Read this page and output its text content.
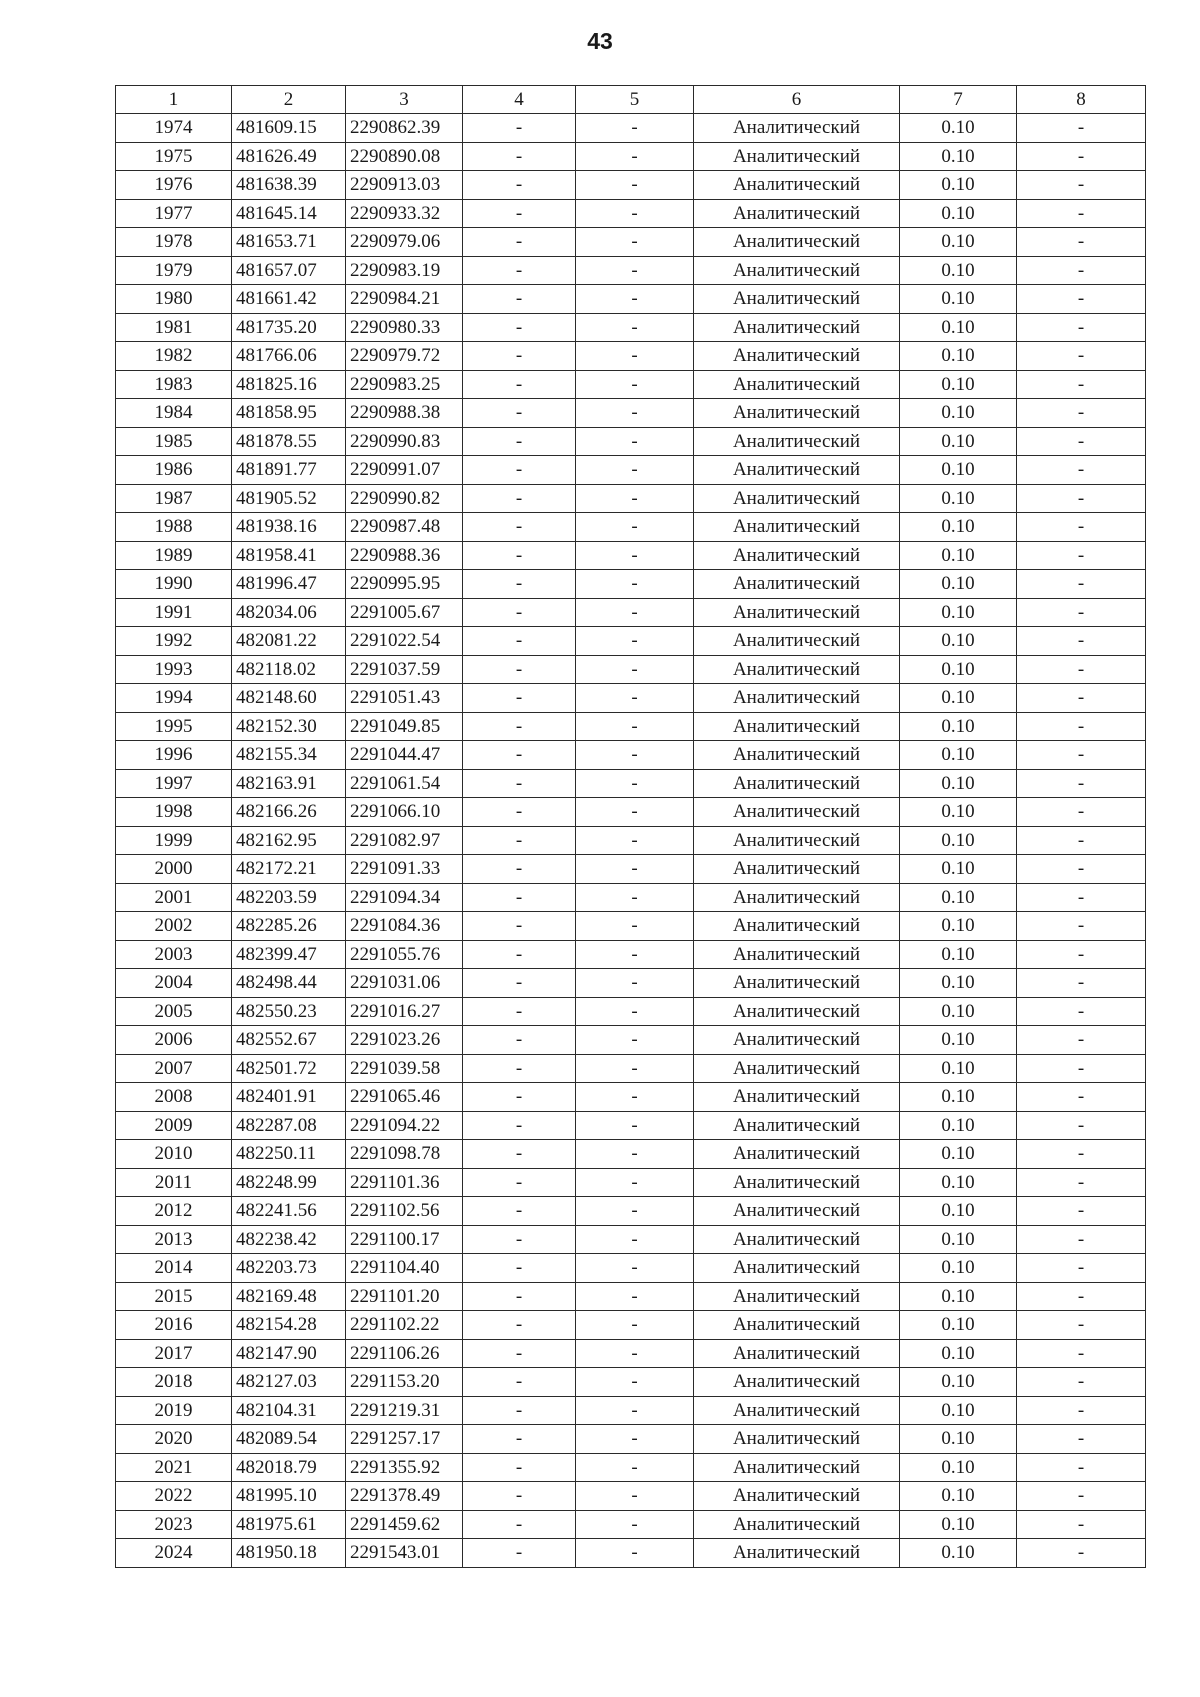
43
1	2	3	4	5	6	7	8
1974	481609.15	2290862.39	-	-	Аналитический	0.10	-
1975	481626.49	2290890.08	-	-	Аналитический	0.10	-
1976	481638.39	2290913.03	-	-	Аналитический	0.10	-
1977	481645.14	2290933.32	-	-	Аналитический	0.10	-
1978	481653.71	2290979.06	-	-	Аналитический	0.10	-
1979	481657.07	2290983.19	-	-	Аналитический	0.10	-
1980	481661.42	2290984.21	-	-	Аналитический	0.10	-
1981	481735.20	2290980.33	-	-	Аналитический	0.10	-
1982	481766.06	2290979.72	-	-	Аналитический	0.10	-
1983	481825.16	2290983.25	-	-	Аналитический	0.10	-
1984	481858.95	2290988.38	-	-	Аналитический	0.10	-
1985	481878.55	2290990.83	-	-	Аналитический	0.10	-
1986	481891.77	2290991.07	-	-	Аналитический	0.10	-
1987	481905.52	2290990.82	-	-	Аналитический	0.10	-
1988	481938.16	2290987.48	-	-	Аналитический	0.10	-
1989	481958.41	2290988.36	-	-	Аналитический	0.10	-
1990	481996.47	2290995.95	-	-	Аналитический	0.10	-
1991	482034.06	2291005.67	-	-	Аналитический	0.10	-
1992	482081.22	2291022.54	-	-	Аналитический	0.10	-
1993	482118.02	2291037.59	-	-	Аналитический	0.10	-
1994	482148.60	2291051.43	-	-	Аналитический	0.10	-
1995	482152.30	2291049.85	-	-	Аналитический	0.10	-
1996	482155.34	2291044.47	-	-	Аналитический	0.10	-
1997	482163.91	2291061.54	-	-	Аналитический	0.10	-
1998	482166.26	2291066.10	-	-	Аналитический	0.10	-
1999	482162.95	2291082.97	-	-	Аналитический	0.10	-
2000	482172.21	2291091.33	-	-	Аналитический	0.10	-
2001	482203.59	2291094.34	-	-	Аналитический	0.10	-
2002	482285.26	2291084.36	-	-	Аналитический	0.10	-
2003	482399.47	2291055.76	-	-	Аналитический	0.10	-
2004	482498.44	2291031.06	-	-	Аналитический	0.10	-
2005	482550.23	2291016.27	-	-	Аналитический	0.10	-
2006	482552.67	2291023.26	-	-	Аналитический	0.10	-
2007	482501.72	2291039.58	-	-	Аналитический	0.10	-
2008	482401.91	2291065.46	-	-	Аналитический	0.10	-
2009	482287.08	2291094.22	-	-	Аналитический	0.10	-
2010	482250.11	2291098.78	-	-	Аналитический	0.10	-
2011	482248.99	2291101.36	-	-	Аналитический	0.10	-
2012	482241.56	2291102.56	-	-	Аналитический	0.10	-
2013	482238.42	2291100.17	-	-	Аналитический	0.10	-
2014	482203.73	2291104.40	-	-	Аналитический	0.10	-
2015	482169.48	2291101.20	-	-	Аналитический	0.10	-
2016	482154.28	2291102.22	-	-	Аналитический	0.10	-
2017	482147.90	2291106.26	-	-	Аналитический	0.10	-
2018	482127.03	2291153.20	-	-	Аналитический	0.10	-
2019	482104.31	2291219.31	-	-	Аналитический	0.10	-
2020	482089.54	2291257.17	-	-	Аналитический	0.10	-
2021	482018.79	2291355.92	-	-	Аналитический	0.10	-
2022	481995.10	2291378.49	-	-	Аналитический	0.10	-
2023	481975.61	2291459.62	-	-	Аналитический	0.10	-
2024	481950.18	2291543.01	-	-	Аналитический	0.10	-
